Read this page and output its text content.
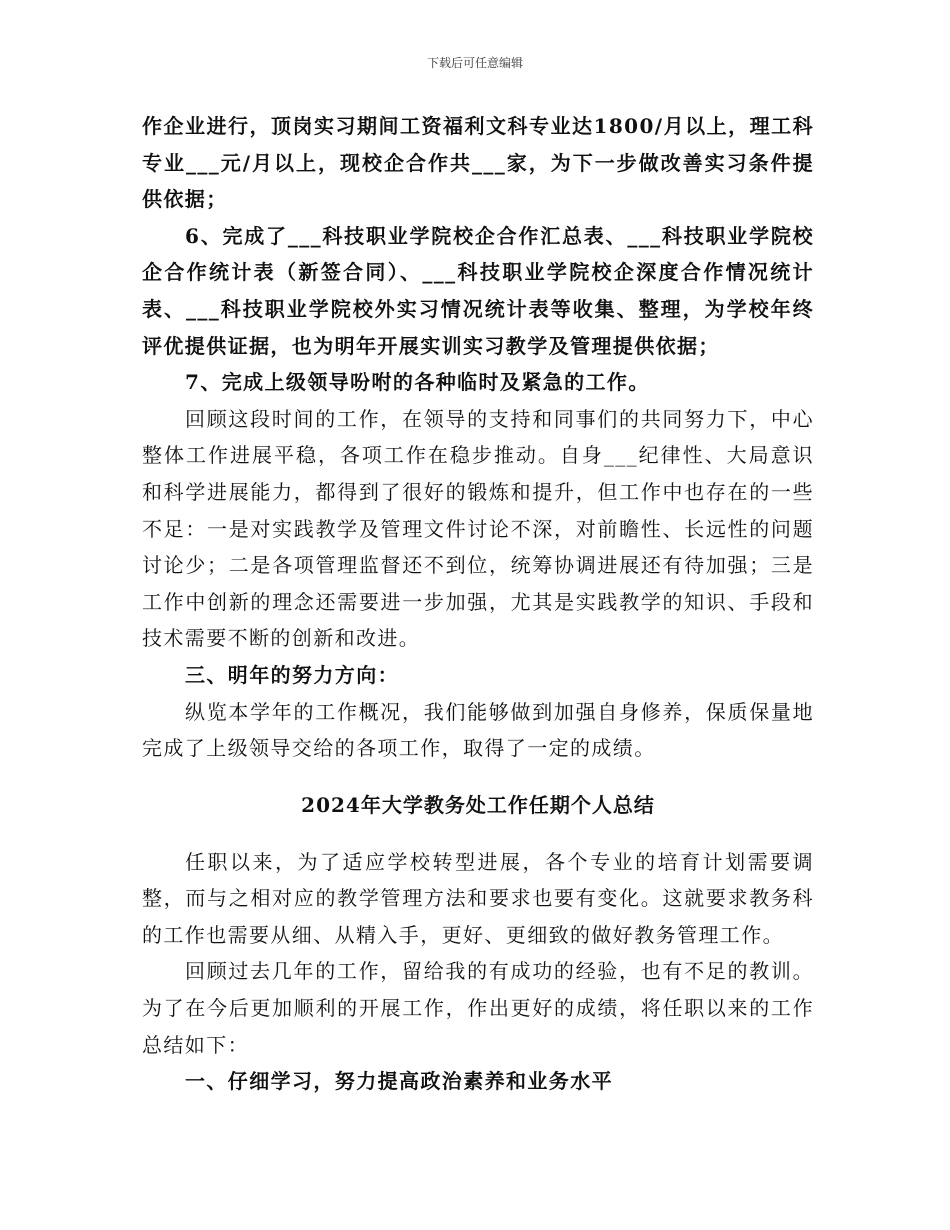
下载后可任意编辑

作企业进行，顶岗实习期间工资福利文科专业达1800/月以上，理工科专业___元/月以上，现校企合作共___家，为下一步做改善实习条件提供依据；

6、完成了___科技职业学院校企合作汇总表、___科技职业学院校企合作统计表（新签合同）、___科技职业学院校企深度合作情况统计表、___科技职业学院校外实习情况统计表等收集、整理，为学校年终评优提供证据，也为明年开展实训实习教学及管理提供依据；

7、完成上级领导吩咐的各种临时及紧急的工作。

回顾这段时间的工作，在领导的支持和同事们的共同努力下，中心整体工作进展平稳，各项工作在稳步推动。自身___纪律性、大局意识和科学进展能力，都得到了很好的锻炼和提升，但工作中也存在的一些不足：一是对实践教学及管理文件讨论不深，对前瞻性、长远性的问题讨论少；二是各项管理监督还不到位，统筹协调进展还有待加强；三是工作中创新的理念还需要进一步加强，尤其是实践教学的知识、手段和技术需要不断的创新和改进。

三、明年的努力方向：

纵览本学年的工作概况，我们能够做到加强自身修养，保质保量地完成了上级领导交给的各项工作，取得了一定的成绩。

2024年大学教务处工作任期个人总结

任职以来，为了适应学校转型进展，各个专业的培育计划需要调整，而与之相对应的教学管理方法和要求也要有变化。这就要求教务科的工作也需要从细、从精入手，更好、更细致的做好教务管理工作。

回顾过去几年的工作，留给我的有成功的经验，也有不足的教训。为了在今后更加顺利的开展工作，作出更好的成绩，将任职以来的工作总结如下：

一、仔细学习，努力提高政治素养和业务水平
